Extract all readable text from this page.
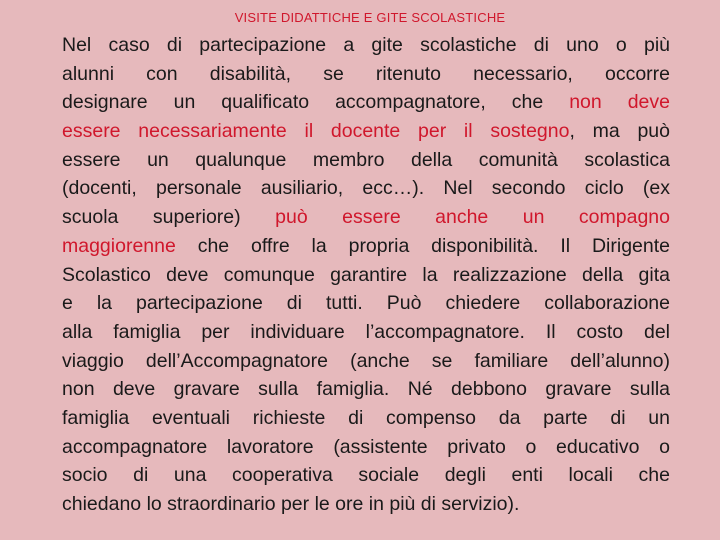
VISITE DIDATTICHE E GITE SCOLASTICHE
Nel caso di partecipazione a gite scolastiche di uno o più
alunni con disabilità, se ritenuto necessario, occorre
designare un qualificato accompagnatore, che non deve
essere necessariamente il docente per il sostegno, ma può
essere un qualunque membro della comunità scolastica
(docenti, personale ausiliario, ecc…). Nel secondo ciclo (ex
scuola superiore) può essere anche un compagno
maggiorenne che offre la propria disponibilità. Il Dirigente
Scolastico deve comunque garantire la realizzazione della gita
e la partecipazione di tutti. Può chiedere collaborazione
alla famiglia per individuare l’accompagnatore. Il costo del
viaggio dell’Accompagnatore (anche se familiare dell’alunno)
non deve gravare sulla famiglia. Né debbono gravare sulla
famiglia eventuali richieste di compenso da parte di un
accompagnatore lavoratore (assistente privato o educativo o
socio di una cooperativa sociale degli enti locali che
chiedano lo straordinario per le ore in più di servizio).
